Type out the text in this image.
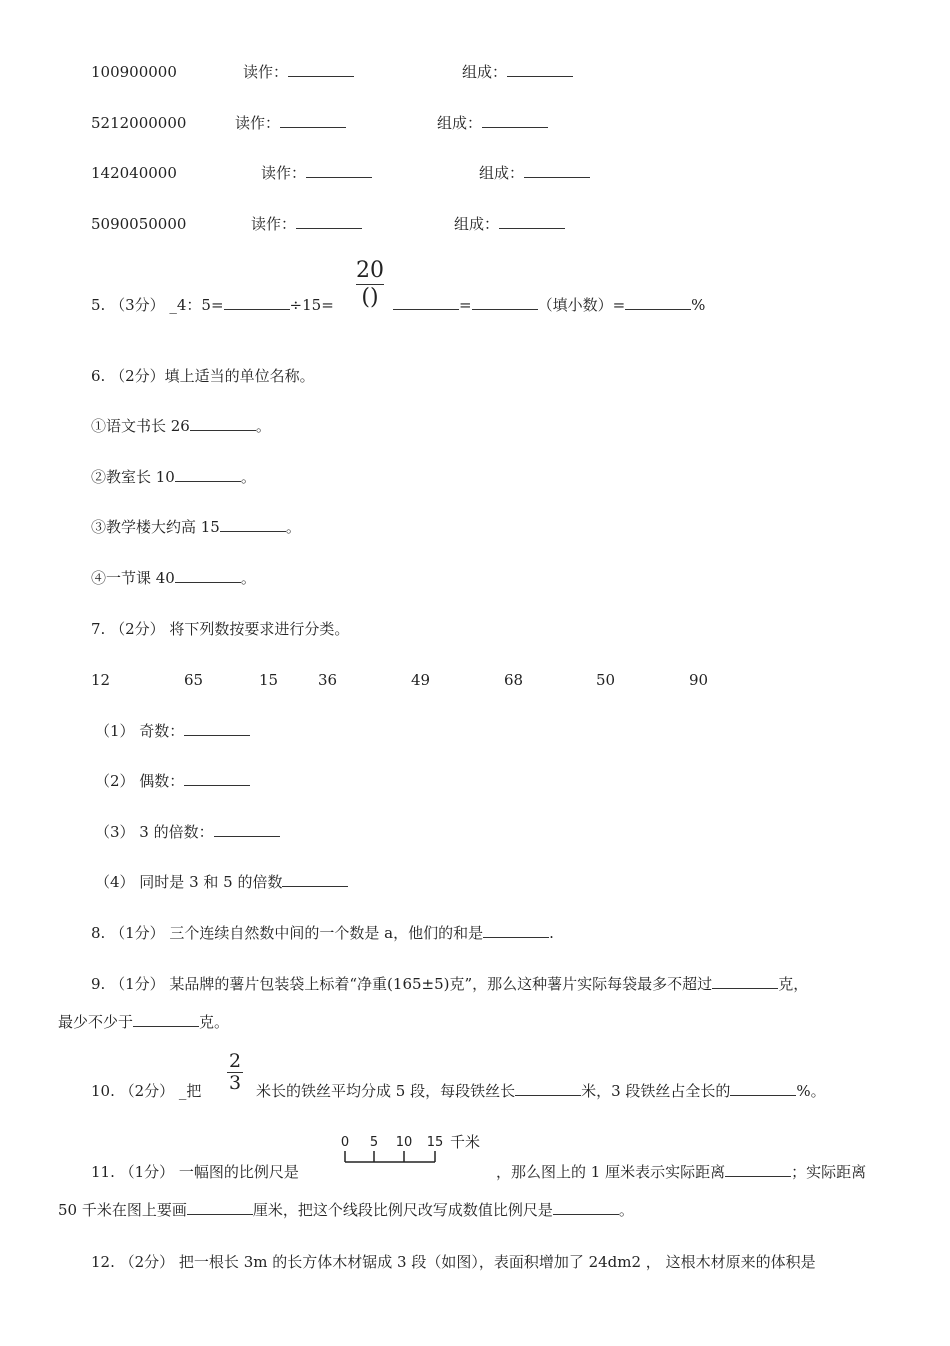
100900000	读作：	组成：
5212000000	读作：	组成：
142040000	读作：	组成：
5090050000	读作：	组成：
5. （3分） _4：5=	÷15=
20
()	=	（填小数）=	%
6. （2分）填上适当的单位名称。
①语文书长 26	。
②教室长 10	。
③教学楼大约高 15	。
④一节课 40	。
7. （2分） 将下列数按要求进行分类。
12	65	15	36	49	68	50	90
（1） 奇数：
（2） 偶数：
（3） 3 的倍数：
（4） 同时是 3 和 5 的倍数
8. （1分） 三个连续自然数中间的一个数是 a，他们的和是	.
9. （1分） 某品牌的薯片包装袋上标着“净重(165±5)克”，那么这种薯片实际每袋最多不超过	克，
最少不少于	克。
10. （2分） _把
2
3 米长的铁丝平均分成 5 段，每段铁丝长	米，3 段铁丝占全长的	%。
11. （1分） 一幅图的比例尺是
0 5 10 15 千米
，那么图上的 1 厘米表示实际距离	；实际距离
50 千米在图上要画	厘米，把这个线段比例尺改写成数值比例尺是	。
12. （2分） 把一根长 3m 的长方体木材锯成 3 段（如图），表面积增加了 24dm2 ， 这根木材原来的体积是
